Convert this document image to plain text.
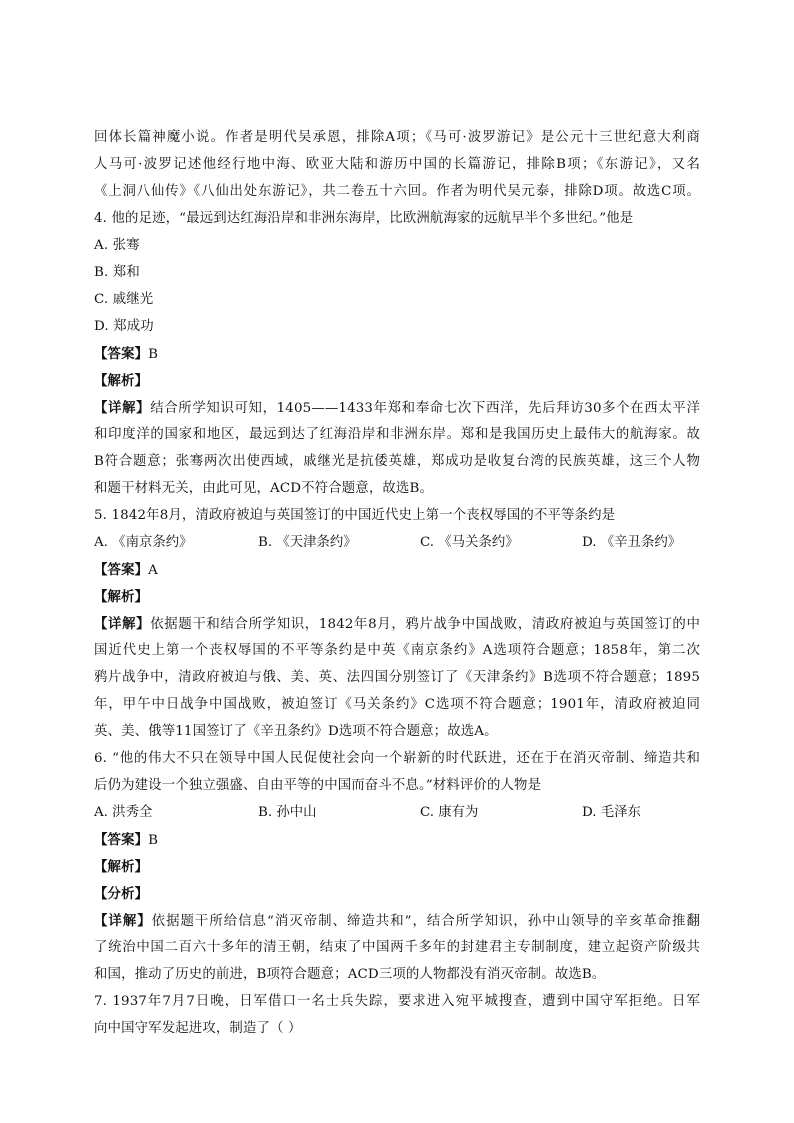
回体长篇神魔小说。作者是明代吴承恩，排除A项；《马可·波罗游记》是公元十三世纪意大利商
人马可·波罗记述他经行地中海、欧亚大陆和游历中国的长篇游记，排除B项；《东游记》，又名
《上洞八仙传》《八仙出处东游记》，共二卷五十六回。作者为明代吴元泰，排除D项。故选C项。
4. 他的足迹，“最远到达红海沿岸和非洲东海岸，比欧洲航海家的远航早半个多世纪。”他是
A. 张骞
B. 郑和
C. 戚继光
D. 郑成功
【答案】B
【解析】
【详解】结合所学知识可知，1405——1433年郑和奉命七次下西洋，先后拜访30多个在西太平洋
和印度洋的国家和地区，最远到达了红海沿岸和非洲东岸。郑和是我国历史上最伟大的航海家。故
B符合题意；张骞两次出使西域，戚继光是抗倭英雄，郑成功是收复台湾的民族英雄，这三个人物
和题干材料无关，由此可见，ACD不符合题意，故选B。
5. 1842年8月，清政府被迫与英国签订的中国近代史上第一个丧权辱国的不平等条约是
A. 《南京条约》	B. 《天津条约》	C. 《马关条约》	D. 《辛丑条约》
【答案】A
【解析】
【详解】依据题干和结合所学知识，1842年8月，鸦片战争中国战败，清政府被迫与英国签订的中
国近代史上第一个丧权辱国的不平等条约是中英《南京条约》A选项符合题意；1858年，第二次
鸦片战争中，清政府被迫与俄、美、英、法四国分别签订了《天津条约》B选项不符合题意；1895
年，甲午中日战争中国战败，被迫签订《马关条约》C选项不符合题意；1901年，清政府被迫同
英、美、俄等11国签订了《辛丑条约》D选项不符合题意；故选A。
6. “他的伟大不只在领导中国人民促使社会向一个崭新的时代跃进，还在于在消灭帝制、缔造共和
后仍为建设一个独立强盛、自由平等的中国而奋斗不息。”材料评价的人物是
A. 洪秀全	B. 孙中山	C. 康有为	D. 毛泽东
【答案】B
【解析】
【分析】
【详解】依据题干所给信息“消灭帝制、缔造共和”，结合所学知识，孙中山领导的辛亥革命推翻
了统治中国二百六十多年的清王朝，结束了中国两千多年的封建君主专制制度，建立起资产阶级共
和国，推动了历史的前进，B项符合题意；ACD三项的人物都没有消灭帝制。故选B。
7. 1937年7月7日晚，日军借口一名士兵失踪，要求进入宛平城搜查，遭到中国守军拒绝。日军
向中国守军发起进攻，制造了（ ）
